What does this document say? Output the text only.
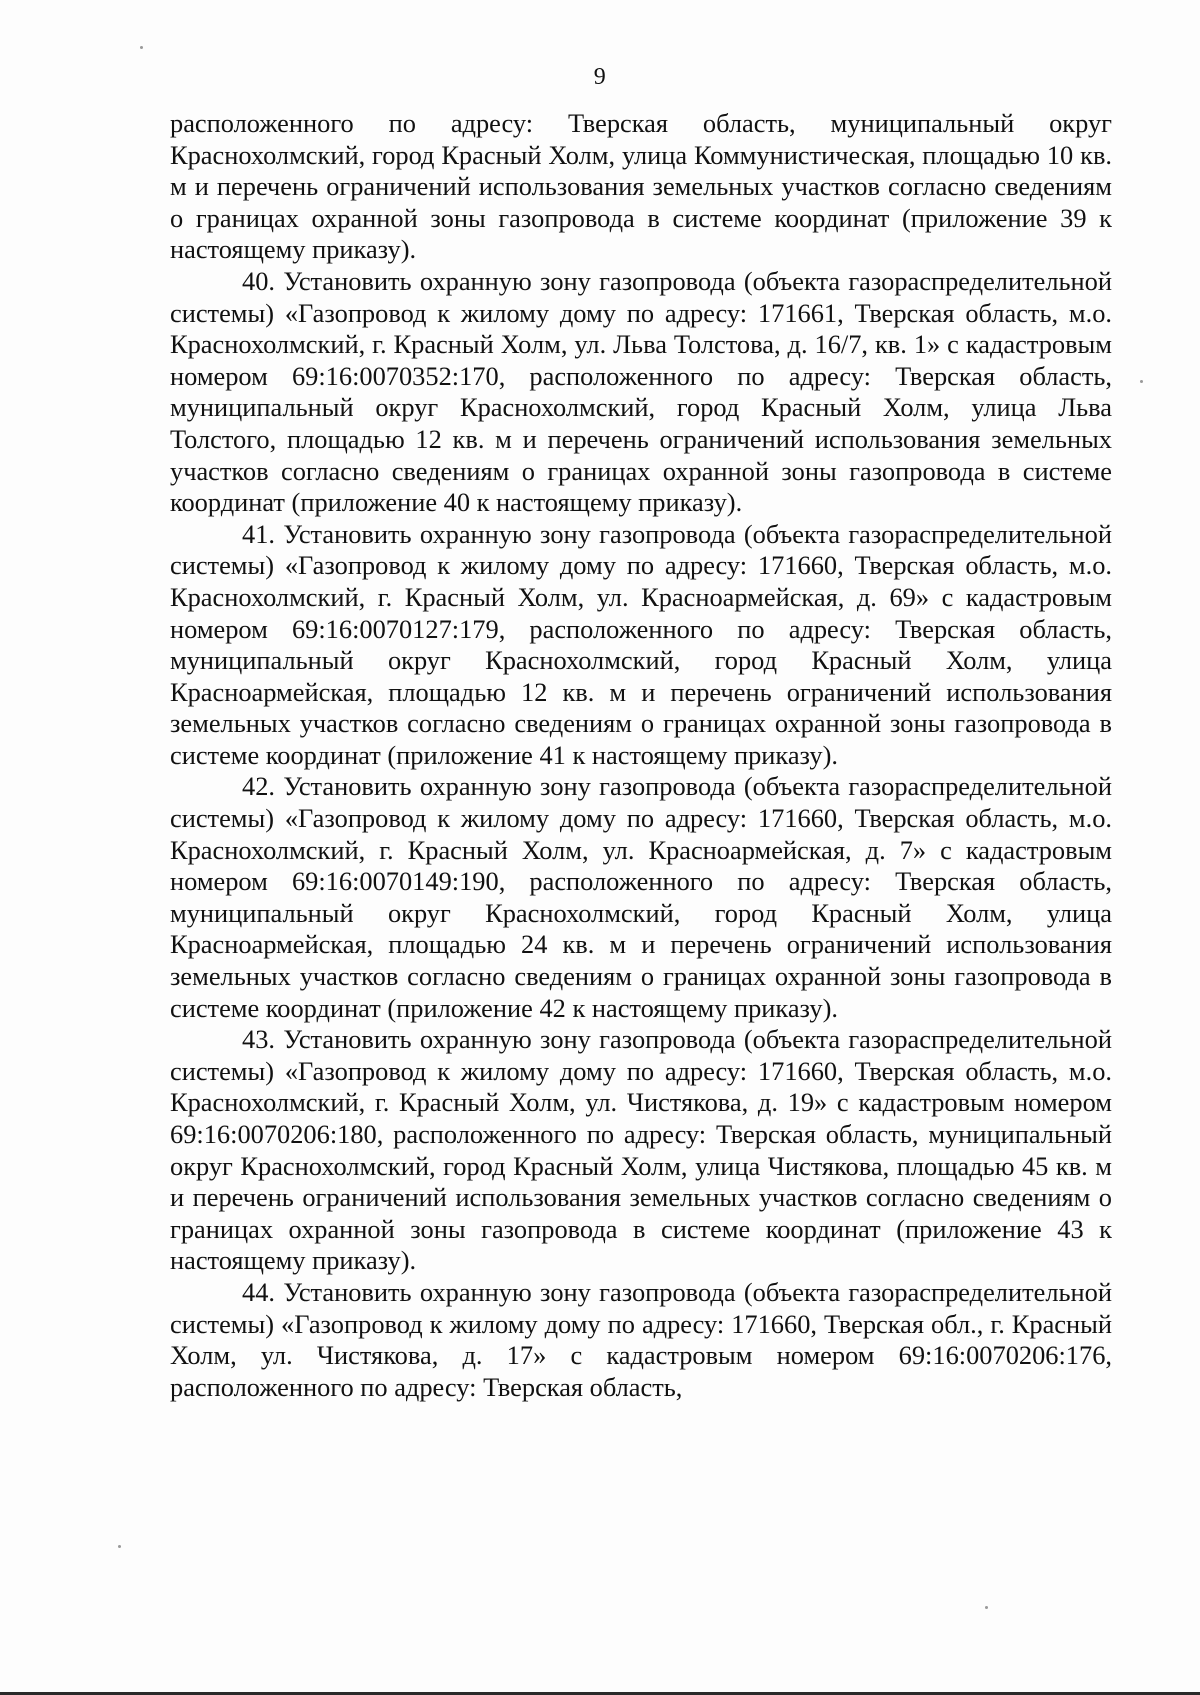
9

расположенного по адресу: Тверская область, муниципальный округ Краснохолмский, город Красный Холм, улица Коммунистическая, площадью 10 кв. м и перечень ограничений использования земельных участков согласно сведениям о границах охранной зоны газопровода в системе координат (приложение 39 к настоящему приказу).

40. Установить охранную зону газопровода (объекта газораспределительной системы) «Газопровод к жилому дому по адресу: 171661, Тверская область, м.о. Краснохолмский, г. Красный Холм, ул. Льва Толстова, д. 16/7, кв. 1» с кадастровым номером 69:16:0070352:170, расположенного по адресу: Тверская область, муниципальный округ Краснохолмский, город Красный Холм, улица Льва Толстого, площадью 12 кв. м и перечень ограничений использования земельных участков согласно сведениям о границах охранной зоны газопровода в системе координат (приложение 40 к настоящему приказу).

41. Установить охранную зону газопровода (объекта газораспределительной системы) «Газопровод к жилому дому по адресу: 171660, Тверская область, м.о. Краснохолмский, г. Красный Холм, ул. Красноармейская, д. 69» с кадастровым номером 69:16:0070127:179, расположенного по адресу: Тверская область, муниципальный округ Краснохолмский, город Красный Холм, улица Красноармейская, площадью 12 кв. м и перечень ограничений использования земельных участков согласно сведениям о границах охранной зоны газопровода в системе координат (приложение 41 к настоящему приказу).

42. Установить охранную зону газопровода (объекта газораспределительной системы) «Газопровод к жилому дому по адресу: 171660, Тверская область, м.о. Краснохолмский, г. Красный Холм, ул. Красноармейская, д. 7» с кадастровым номером 69:16:0070149:190, расположенного по адресу: Тверская область, муниципальный округ Краснохолмский, город Красный Холм, улица Красноармейская, площадью 24 кв. м и перечень ограничений использования земельных участков согласно сведениям о границах охранной зоны газопровода в системе координат (приложение 42 к настоящему приказу).

43. Установить охранную зону газопровода (объекта газораспределительной системы) «Газопровод к жилому дому по адресу: 171660, Тверская область, м.о. Краснохолмский, г. Красный Холм, ул. Чистякова, д. 19» с кадастровым номером 69:16:0070206:180, расположенного по адресу: Тверская область, муниципальный округ Краснохолмский, город Красный Холм, улица Чистякова, площадью 45 кв. м и перечень ограничений использования земельных участков согласно сведениям о границах охранной зоны газопровода в системе координат (приложение 43 к настоящему приказу).

44. Установить охранную зону газопровода (объекта газораспределительной системы) «Газопровод к жилому дому по адресу: 171660, Тверская обл., г. Красный Холм, ул. Чистякова, д. 17» с кадастровым номером 69:16:0070206:176, расположенного по адресу: Тверская область,
